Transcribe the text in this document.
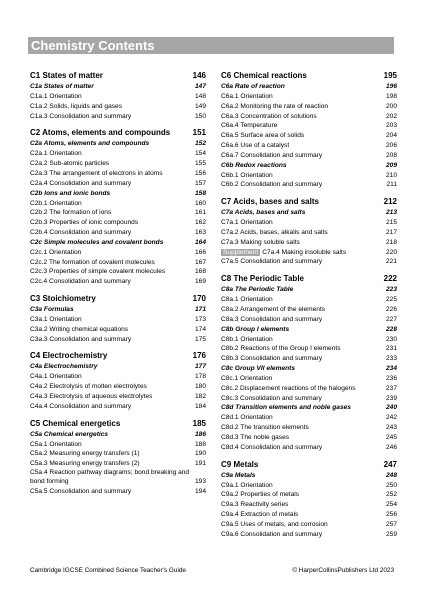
Chemistry Contents
C1 States of matter	146
C1a States of matter	147
C1a.1 Orientation	148
C1a.2 Solids, liquids and gases	149
C1a.3 Consolidation and summary	150
C2 Atoms, elements and compounds	151
C2a Atoms, elements and compounds	152
C2a.1 Orientation	154
C2a.2 Sub-atomic particles	155
C2a.3 The arrangement of electrons in atoms	156
C2a.4 Consolidation and summary	157
C2b Ions and ionic bonds	158
C2b.1 Orientation	160
C2b.2 The formation of ions	161
C2b.3 Properties of ionic compounds	162
C2b.4 Consolidation and summary	163
C2c Simple molecules and covalent bonds	164
C2c.1 Orientation	166
C2c.2 The formation of covalent molecules	167
C2c.3 Properties of simple covalent molecules	168
C2c.4 Consolidation and summary	169
C3 Stoichiometry	170
C3a Formulas	171
C3a.1 Orientation	173
C3a.2 Writing chemical equations	174
C3a.3 Consolidation and summary	175
C4 Electrochemistry	176
C4a Electrochemistry	177
C4a.1 Orientation	178
C4a.2 Electrolysis of molten electrolytes	180
C4a.3 Electrolysis of aqueous electrolytes	182
C4a.4 Consolidation and summary	184
C5 Chemical energetics	185
C5a Chemical energetics	186
C5a.1 Orientation	188
C5a.2 Measuring energy transfers (1)	190
C5a.3 Measuring energy transfers (2)	191
C5a.4 Reaction pathway diagrams; bond breaking and bond forming	193
C5a.5 Consolidation and summary	194
C6 Chemical reactions	195
C6a Rate of reaction	196
C6a.1 Orientation	198
C6a.2 Monitoring the rate of reaction	200
C6a.3 Concentration of solutions	202
C6a.4 Temperature	203
C6a.5 Surface area of solids	204
C6a.6 Use of a catalyst	206
C6a.7 Consolidation and summary	208
C6b Redox reactions	209
C6b.1 Orientation	210
C6b.2 Consolidation and summary	211
C7 Acids, bases and salts	212
C7a Acids, bases and salts	213
C7a.1 Orientation	215
C7a.2 Acids, bases, alkalis and salts	217
C7a.3 Making soluble salts	218
Supplement C7a.4 Making insoluble salts	220
C7a.5 Consolidation and summary	221
C8 The Periodic Table	222
C8a The Periodic Table	223
C8a.1 Orientation	225
C8a.2 Arrangement of the elements	226
C8a.3 Consolidation and summary	227
C8b Group I elements	228
C8b.1 Orientation	230
C8b.2 Reactions of the Group I elements	231
C8b.3 Consolidation and summary	233
C8c Group VII elements	234
C8c.1 Orientation	236
C8c.2 Displacement reactions of the halogens	237
C8c.3 Consolidation and summary	239
C8d Transition elements and noble gases	240
C8d.1 Orientation	242
C8d.2 The transition elements	243
C8d.3 The noble gases	245
C8d.4 Consolidation and summary	246
C9 Metals	247
C9a Metals	248
C9a.1 Orientation	250
C9a.2 Properties of metals	252
C9a.3 Reactivity series	254
C9a.4 Extraction of metals	256
C9a.5 Uses of metals, and corrosion	257
C9a.6 Consolidation and summary	259
Cambridge IGCSE Combined Science Teacher's Guide	© HarperCollinsPublishers Ltd 2023
